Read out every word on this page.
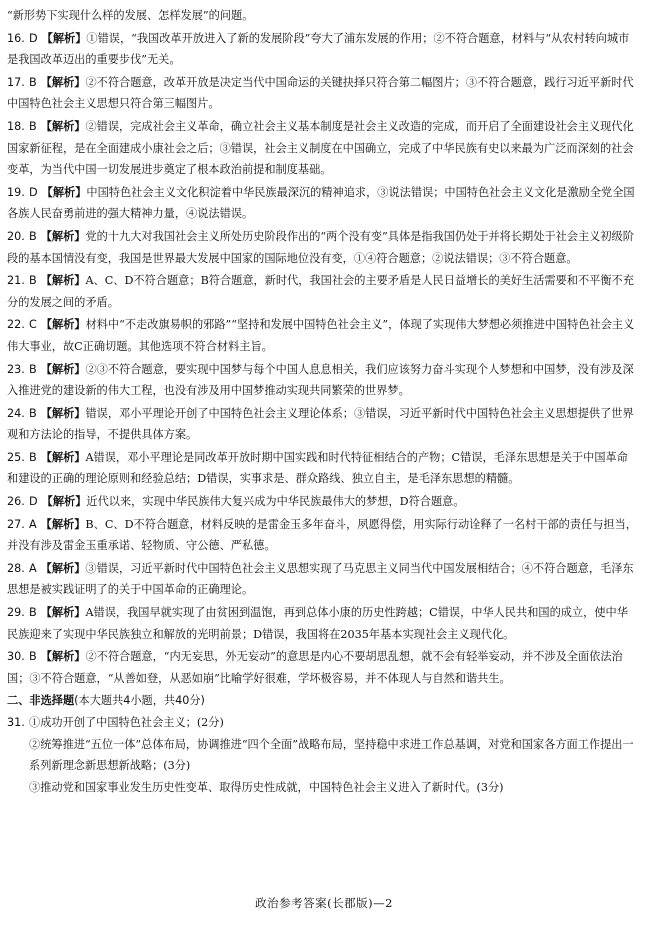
“新形势下实现什么样的发展、怎样发展”的问题。
16. D 【解析】①错误，“我国改革开放进入了新的发展阶段”夸大了浦东发展的作用；②不符合题意，材料与“从农村转向城市是我国改革迈出的重要步伐”无关。
17. B 【解析】②不符合题意，改革开放是决定当代中国命运的关键抉择只符合第二幅图片；③不符合题意，践行习近平新时代中国特色社会主义思想只符合第三幅图片。
18. B 【解析】②错误，完成社会主义革命，确立社会主义基本制度是社会主义改造的完成，而开启了全面建设社会主义现代化国家新征程，是在全面建成小康社会之后；③错误，社会主义制度在中国确立，完成了中华民族有史以来最为广泛而深刻的社会变革，为当代中国一切发展进步奠定了根本政治前提和制度基础。
19. D 【解析】中国特色社会主义文化积淀着中华民族最深沉的精神追求，③说法错误；中国特色社会主义文化是激励全党全国各族人民奋勇前进的强大精神力量，④说法错误。
20. B 【解析】党的十九大对我国社会主义所处历史阶段作出的“两个没有变”具体是指我国仍处于并将长期处于社会主义初级阶段的基本国情没有变，我国是世界最大发展中国家的国际地位没有变，①④符合题意；②说法错误；③不符合题意。
21. B 【解析】A、C、D不符合题意；B符合题意，新时代，我国社会的主要矛盾是人民日益增长的美好生活需要和不平衡不充分的发展之间的矛盾。
22. C 【解析】材料中“不走改旗易帜的邪路”“坚持和发展中国特色社会主义”，体现了实现伟大梦想必须推进中国特色社会主义伟大事业，故C正确切题。其他选项不符合材料主旨。
23. B 【解析】②③不符合题意，要实现中国梦与每个中国人息息相关，我们应该努力奋斗实现个人梦想和中国梦，没有涉及深入推进党的建设新的伟大工程，也没有涉及用中国梦推动实现共同繁荣的世界梦。
24. B 【解析】错误，邓小平理论开创了中国特色社会主义理论体系；③错误，习近平新时代中国特色社会主义思想提供了世界观和方法论的指导，不提供具体方案。
25. B 【解析】A错误，邓小平理论是同改革开放时期中国实践和时代特征相结合的产物；C错误，毛泽东思想是关于中国革命和建设的正确的理论原则和经验总结；D错误，实事求是、群众路线、独立自主，是毛泽东思想的精髓。
26. D 【解析】近代以来，实现中华民族伟大复兴成为中华民族最伟大的梦想，D符合题意。
27. A 【解析】B、C、D不符合题意，材料反映的是雷金玉多年奋斗，夙愿得偿，用实际行动诠释了一名村干部的责任与担当，并没有涉及雷金玉重承诺、轻物质、守公德、严私德。
28. A 【解析】③错误，习近平新时代中国特色社会主义思想实现了马克思主义同当代中国发展相结合；④不符合题意，毛泽东思想是被实践证明了的关于中国革命的正确理论。
29. B 【解析】A错误，我国早就实现了由贫困到温饱，再到总体小康的历史性跨越；C错误，中华人民共和国的成立，使中华民族迎来了实现中华民族独立和解放的光明前景；D错误，我国将在2035年基本实现社会主义现代化。
30. B 【解析】②不符合题意，“内无妄思，外无妄动”的意思是内心不要胡思乱想，就不会有轻举妄动，并不涉及全面依法治国；③不符合题意，“从善如登，从恶如崩”比喻学好很难，学坏极容易，并不体现人与自然和谐共生。
二、非选择题(本大题共4小题，共40分)
31. ①成功开创了中国特色社会主义；(2分)
②统筹推进“五位一体”总体布局，协调推进“四个全面”战略布局，坚持稳中求进工作总基调，对党和国家各方面工作提出一系列新理念新思想新战略；(3分)
③推动党和国家事业发生历史性变革、取得历史性成就，中国特色社会主义进入了新时代。(3分)
政治参考答案(长郡版)—2
